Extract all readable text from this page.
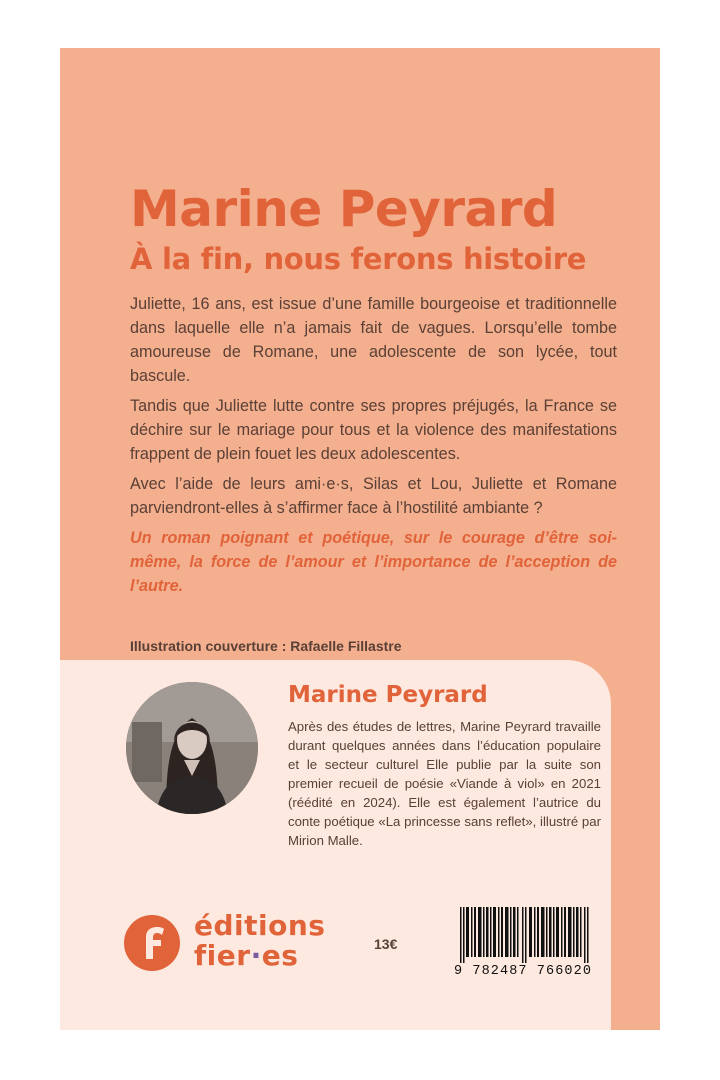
Marine Peyrard
À la fin, nous ferons histoire

Juliette, 16 ans, est issue d’une famille bourgeoise et traditionnelle dans laquelle elle n’a jamais fait de vagues. Lorsqu’elle tombe amoureuse de Romane, une adolescente de son lycée, tout bascule.

Tandis que Juliette lutte contre ses propres préjugés, la France se déchire sur le mariage pour tous et la violence des manifestations frappent de plein fouet les deux adolescentes.

Avec l’aide de leurs ami·e·s, Silas et Lou, Juliette et Romane parviendront-elles à s’affirmer face à l’hostilité ambiante ?

Un roman poignant et poétique, sur le courage d’être soi-même, la force de l’amour et l’importance de l’acception de l’autre.

Illustration couverture : Rafaelle Fillastre
Marine Peyrard

Après des études de lettres, Marine Peyrard travaille durant quelques années dans l’éducation populaire et le secteur culturel Elle publie par la suite son premier recueil de poésie «Viande à viol» en 2021 (réédité en 2024). Elle est également l’autrice du conte poétique «La princesse sans reflet», illustré par Mirion Malle.

éditions
fier·es	13€

9 782487 766020
